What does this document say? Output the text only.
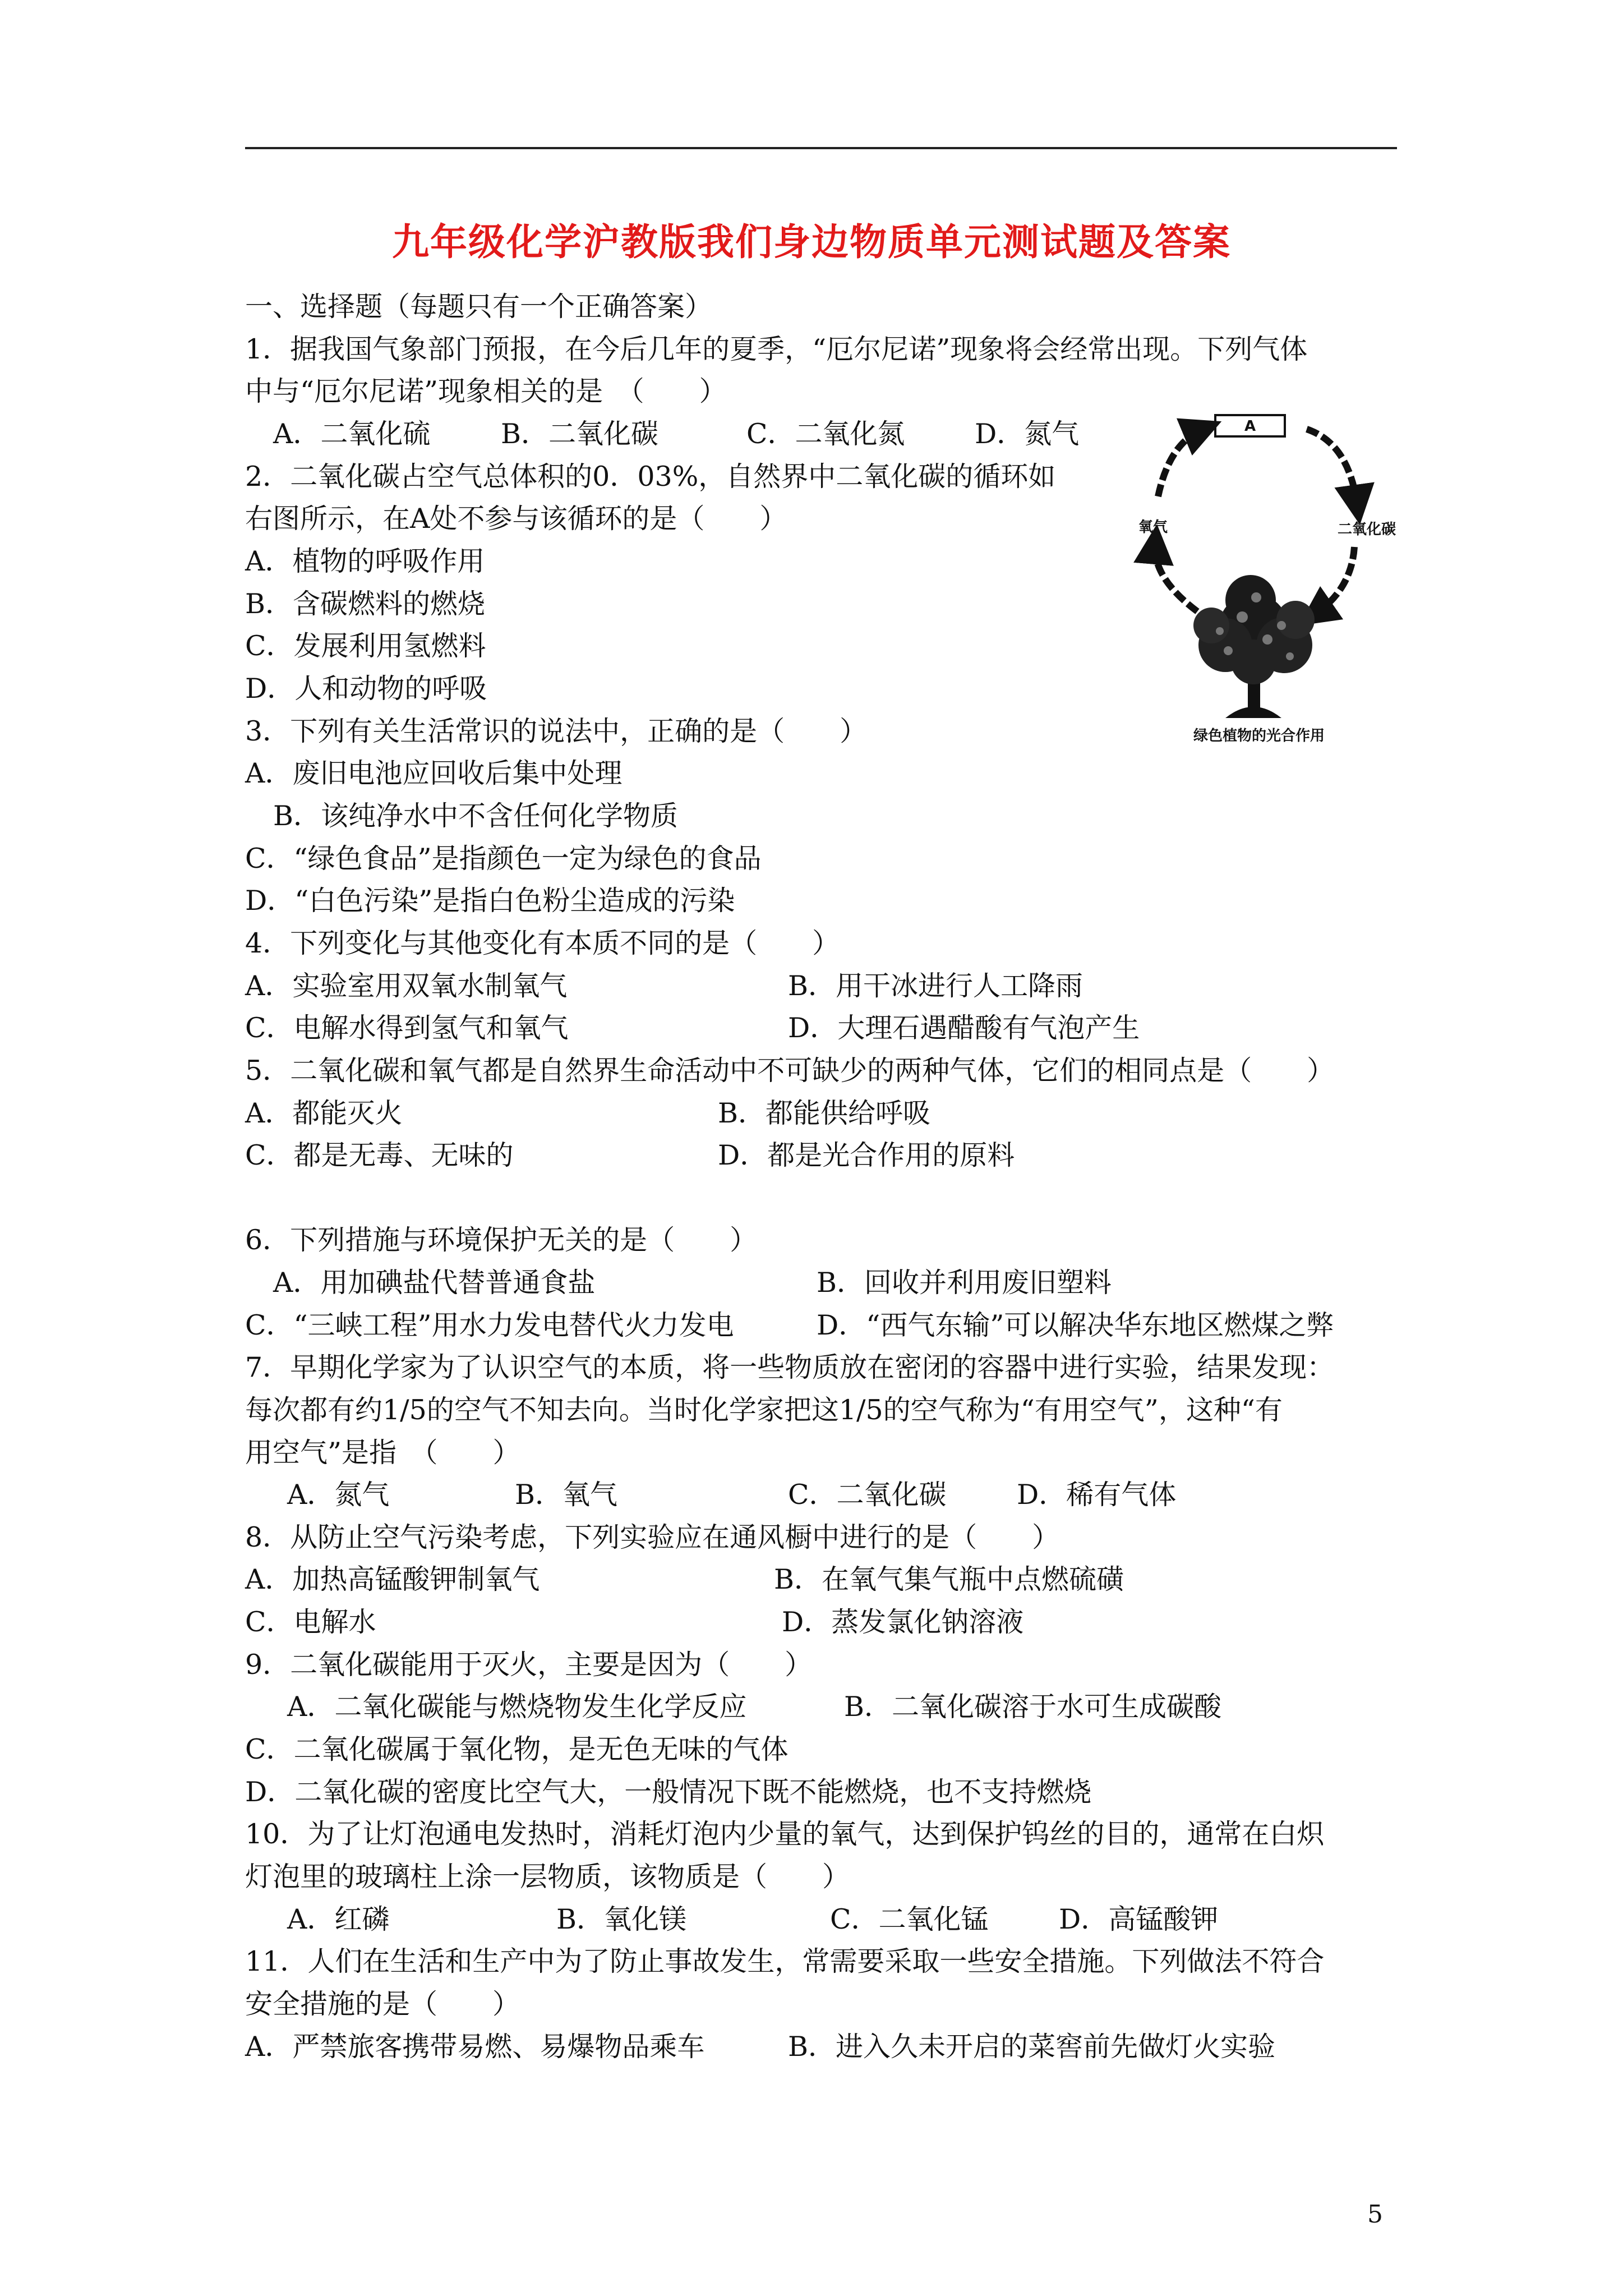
九年级化学沪教版我们身边物质单元测试题及答案
一、选择题（每题只有一个正确答案）
1．据我国气象部门预报，在今后几年的夏季，“厄尔尼诺”现象将会经常出现。下列气体
中与“厄尔尼诺”现象相关的是　（　　）
A．二氧化硫	B．二氧化碳	C．二氧化氮	D．氮气
2．二氧化碳占空气总体积的0．03%，自然界中二氧化碳的循环如
右图所示，在A处不参与该循环的是（　　）
A．植物的呼吸作用
B．含碳燃料的燃烧
C．发展利用氢燃料
D．人和动物的呼吸
3．下列有关生活常识的说法中，正确的是（　　）
A．废旧电池应回收后集中处理
B．该纯净水中不含任何化学物质
C．“绿色食品”是指颜色一定为绿色的食品
D．“白色污染”是指白色粉尘造成的污染
4．下列变化与其他变化有本质不同的是（　　）
A．实验室用双氧水制氧气	B．用干冰进行人工降雨
C．电解水得到氢气和氧气	D．大理石遇醋酸有气泡产生
5．二氧化碳和氧气都是自然界生命活动中不可缺少的两种气体，它们的相同点是（　　）
A．都能灭火	B．都能供给呼吸
C．都是无毒、无味的	D．都是光合作用的原料
6．下列措施与环境保护无关的是（　　）
A．用加碘盐代替普通食盐	B．回收并利用废旧塑料
C．“三峡工程”用水力发电替代火力发电	D．“西气东输”可以解决华东地区燃煤之弊
7．早期化学家为了认识空气的本质，将一些物质放在密闭的容器中进行实验，结果发现：
每次都有约1/5的空气不知去向。当时化学家把这1/5的空气称为“有用空气”，这种“有
用空气”是指　（　　）
A．氮气	B．氧气	C．二氧化碳	D．稀有气体
8．从防止空气污染考虑，下列实验应在通风橱中进行的是（　　）
A．加热高锰酸钾制氧气	B．在氧气集气瓶中点燃硫磺
C．电解水	D．蒸发氯化钠溶液
9．二氧化碳能用于灭火，主要是因为（　　）
A．二氧化碳能与燃烧物发生化学反应	B．二氧化碳溶于水可生成碳酸
C．二氧化碳属于氧化物，是无色无味的气体
D．二氧化碳的密度比空气大，一般情况下既不能燃烧，也不支持燃烧
10．为了让灯泡通电发热时，消耗灯泡内少量的氧气，达到保护钨丝的目的，通常在白炽
灯泡里的玻璃柱上涂一层物质，该物质是（　　）
A．红磷	B．氧化镁	C．二氧化锰	D．高锰酸钾
11．人们在生活和生产中为了防止事故发生，常需要采取一些安全措施。下列做法不符合
安全措施的是（　　）
A．严禁旅客携带易燃、易爆物品乘车	B．进入久未开启的菜窖前先做灯火实验
A
氧气	二氧化碳
绿色植物的光合作用
5
